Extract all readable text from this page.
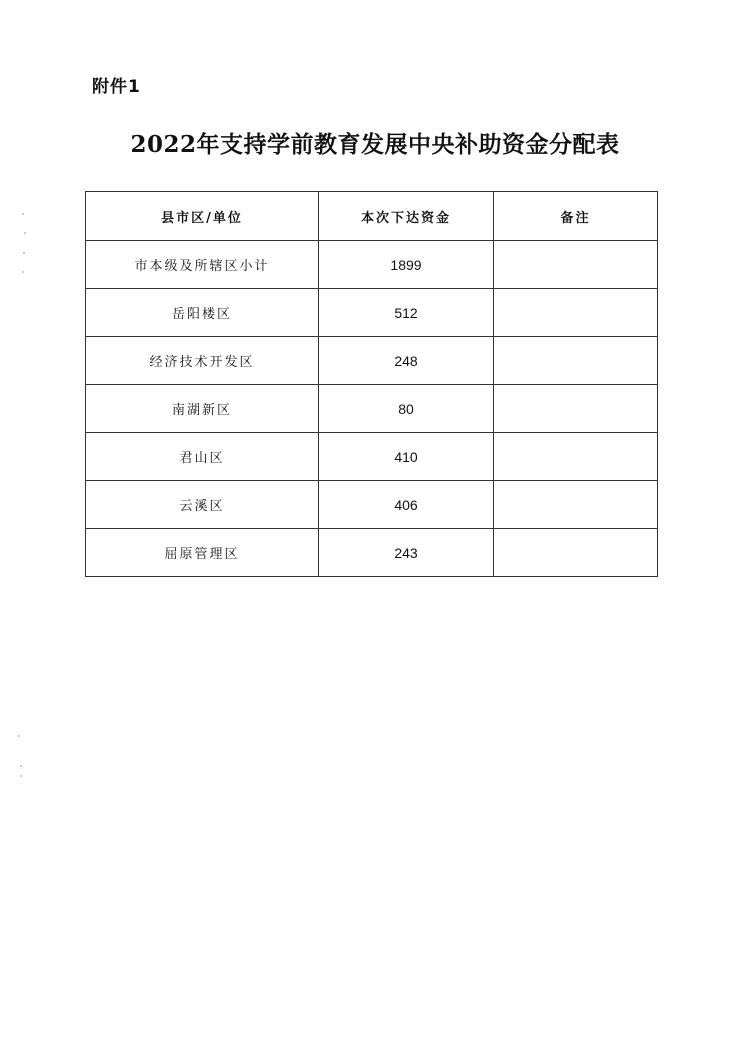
附件1
2022年支持学前教育发展中央补助资金分配表
县市区/单位	本次下达资金	备注
市本级及所辖区小计	1899	
岳阳楼区	512	
经济技术开发区	248	
南湖新区	80	
君山区	410	
云溪区	406	
屈原管理区	243	
